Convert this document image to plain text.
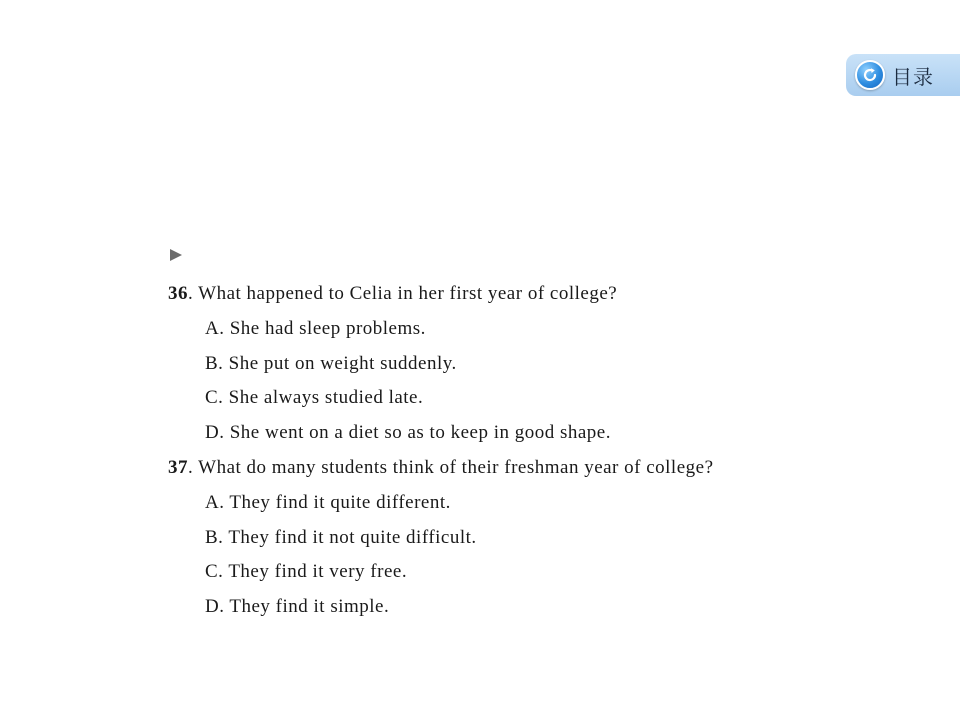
目录
36. What happened to Celia in her first year of college?
A. She had sleep problems.
B. She put on weight suddenly.
C. She always studied late.
D. She went on a diet so as to keep in good shape.
37. What do many students think of their freshman year of college?
A. They find it quite different.
B. They find it not quite difficult.
C. They find it very free.
D. They find it simple.
